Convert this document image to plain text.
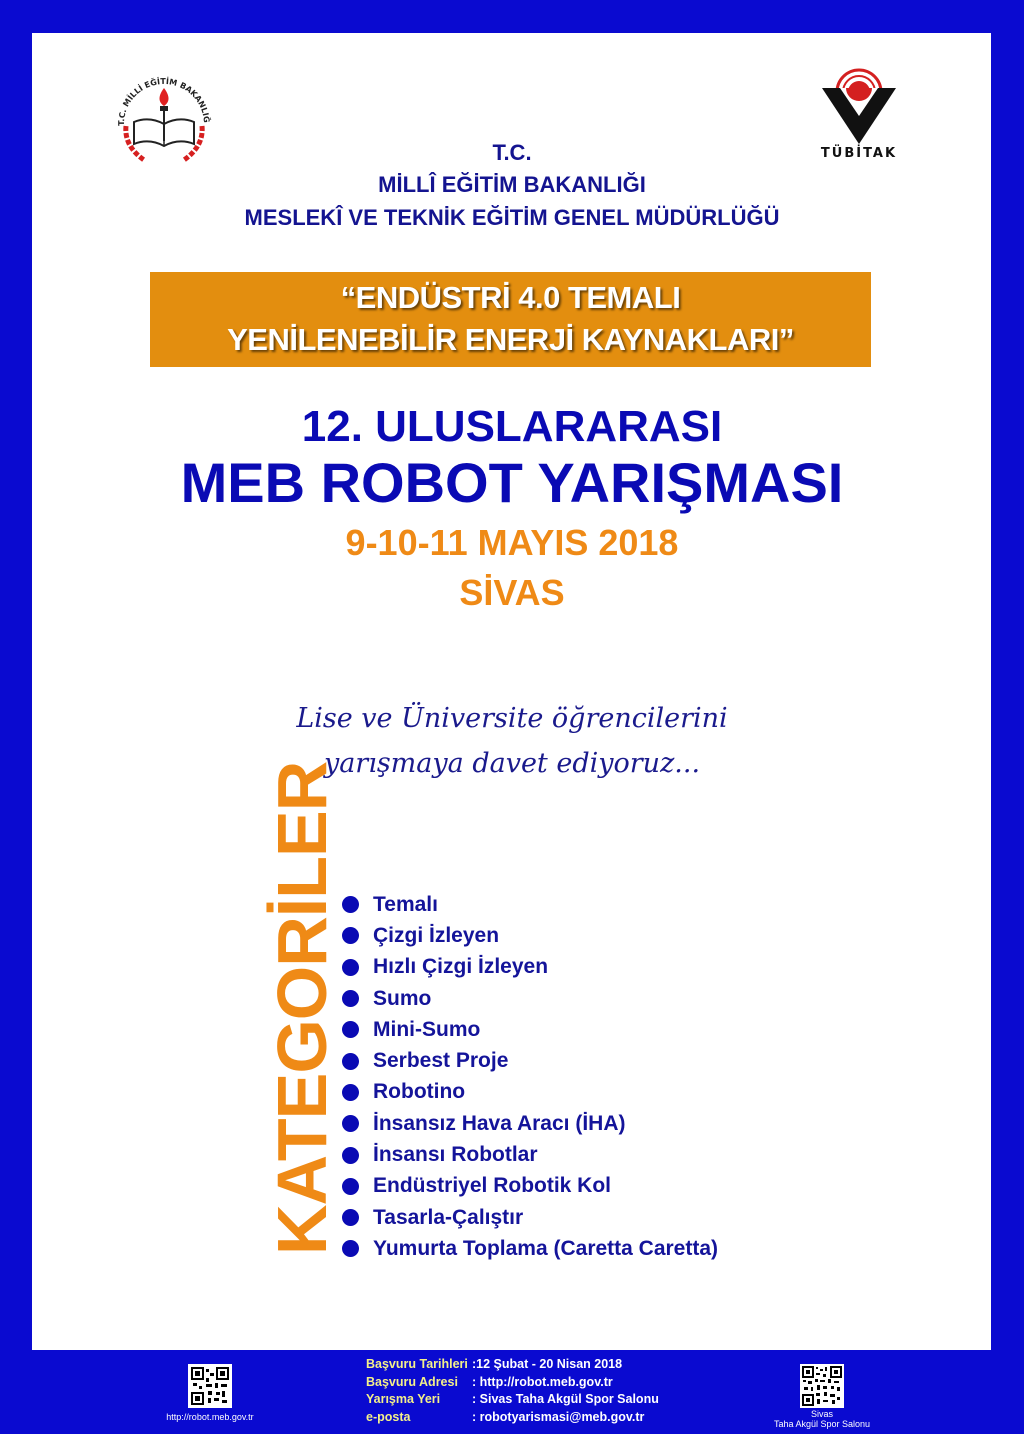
T.C. MİLLİ EĞİTİM BAKANLIĞ
TÜBİTAK
T.C.
MİLLÎ EĞİTİM BAKANLIĞI
MESLEKÎ VE TEKNİK EĞİTİM GENEL MÜDÜRLÜĞÜ
“ENDÜSTRİ 4.0 TEMALI
YENİLENEBİLİR ENERJİ KAYNAKLARI”
12. ULUSLARARASI
MEB ROBOT YARIŞMASI
9-10-11 MAYIS 2018
SİVAS
Lise ve Üniversite öğrencilerini
yarışmaya davet ediyoruz...
KATEGORİLER Temalı
Çizgi İzleyen
Hızlı Çizgi İzleyen
Sumo
Mini-Sumo
Serbest Proje
Robotino
İnsansız Hava Aracı (İHA)
İnsansı Robotlar
Endüstriyel Robotik Kol
Tasarla-Çalıştır
Yumurta Toplama (Caretta Caretta)
http://robot.meb.gov.tr
Başvuru Tarihleri :12 Şubat - 20 Nisan 2018
Başvuru Adresi	: http://robot.meb.gov.tr
Yarışma Yeri	: Sivas Taha Akgül Spor Salonu
e-posta	: robotyarismasi@meb.gov.tr	Sivas
Taha Akgül Spor Salonu
